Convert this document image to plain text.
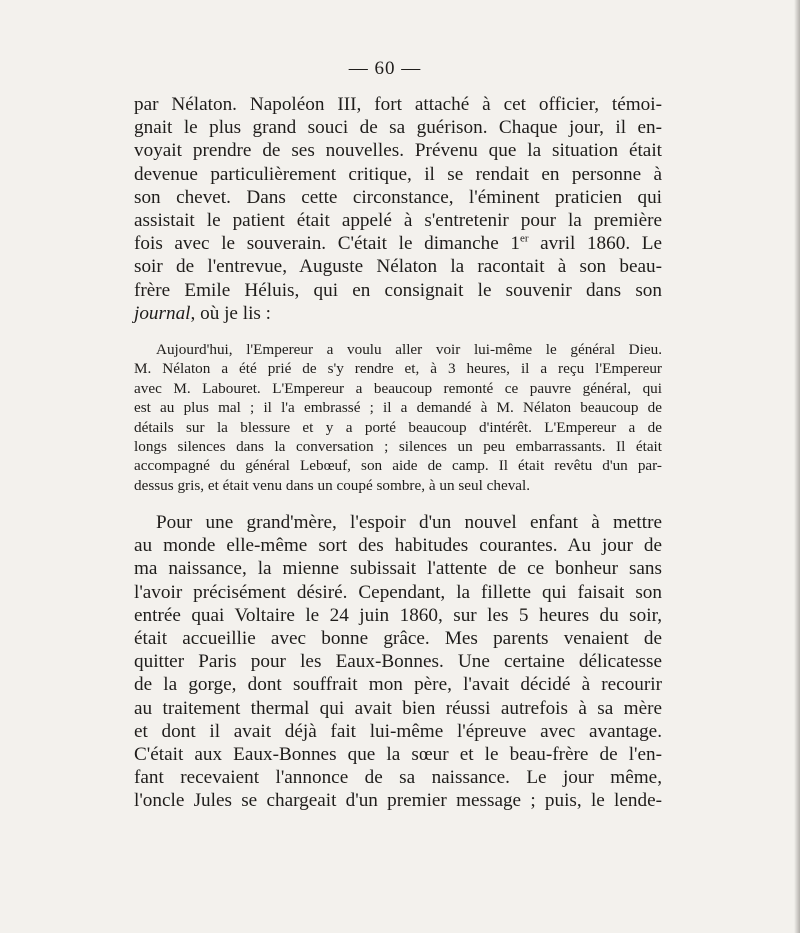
— 60 —
par Nélaton. Napoléon III, fort attaché à cet officier, témoi-
gnait le plus grand souci de sa guérison. Chaque jour, il en-
voyait prendre de ses nouvelles. Prévenu que la situation était
devenue particulièrement critique, il se rendait en personne à
son chevet. Dans cette circonstance, l'éminent praticien qui
assistait le patient était appelé à s'entretenir pour la première
fois avec le souverain. C'était le dimanche 1er avril 1860. Le
soir de l'entrevue, Auguste Nélaton la racontait à son beau-
frère Emile Héluis, qui en consignait le souvenir dans son
journal, où je lis :
Aujourd'hui, l'Empereur a voulu aller voir lui-même le général Dieu.
M. Nélaton a été prié de s'y rendre et, à 3 heures, il a reçu l'Empereur
avec M. Labouret. L'Empereur a beaucoup remonté ce pauvre général, qui
est au plus mal ; il l'a embrassé ; il a demandé à M. Nélaton beaucoup de
détails sur la blessure et y a porté beaucoup d'intérêt. L'Empereur a de
longs silences dans la conversation ; silences un peu embarrassants. Il était
accompagné du général Lebœuf, son aide de camp. Il était revêtu d'un par-
dessus gris, et était venu dans un coupé sombre, à un seul cheval.
Pour une grand'mère, l'espoir d'un nouvel enfant à mettre
au monde elle-même sort des habitudes courantes. Au jour de
ma naissance, la mienne subissait l'attente de ce bonheur sans
l'avoir précisément désiré. Cependant, la fillette qui faisait son
entrée quai Voltaire le 24 juin 1860, sur les 5 heures du soir,
était accueillie avec bonne grâce. Mes parents venaient de
quitter Paris pour les Eaux-Bonnes. Une certaine délicatesse
de la gorge, dont souffrait mon père, l'avait décidé à recourir
au traitement thermal qui avait bien réussi autrefois à sa mère
et dont il avait déjà fait lui-même l'épreuve avec avantage.
C'était aux Eaux-Bonnes que la sœur et le beau-frère de l'en-
fant recevaient l'annonce de sa naissance. Le jour même,
l'oncle Jules se chargeait d'un premier message ; puis, le lende-
